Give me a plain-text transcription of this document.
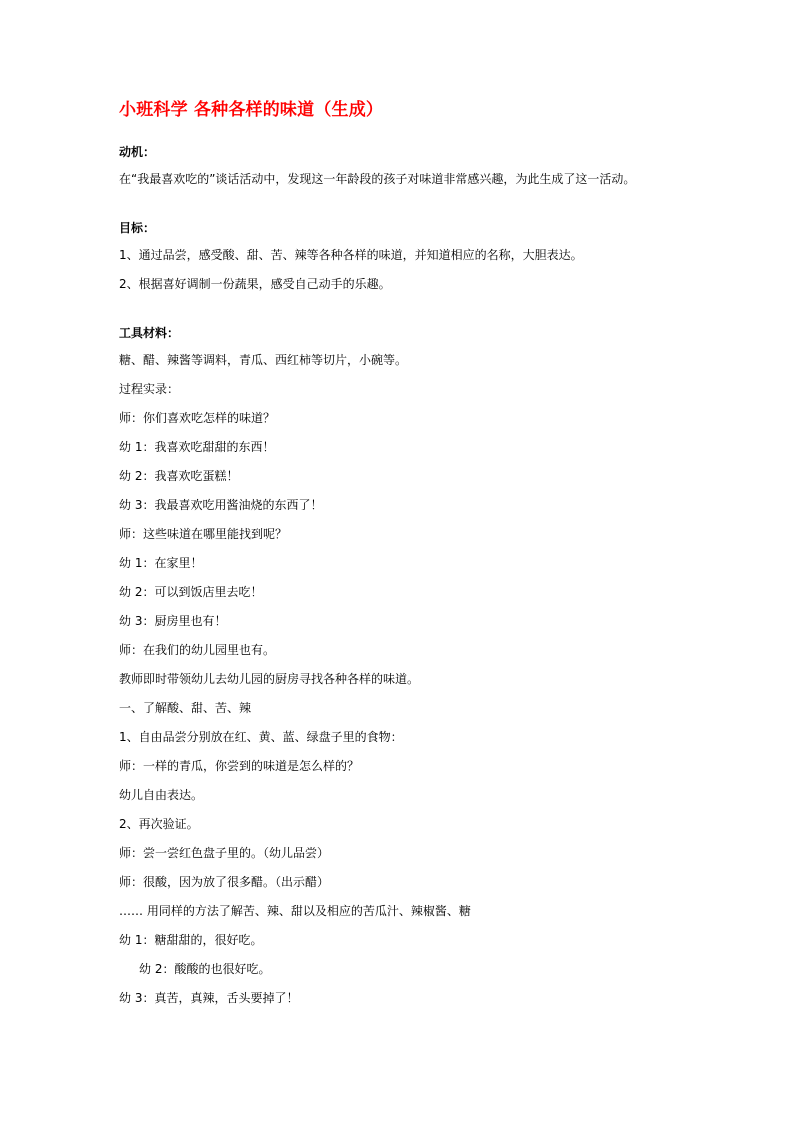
小班科学 各种各样的味道（生成）
动机：
在“我最喜欢吃的”谈话活动中，发现这一年龄段的孩子对味道非常感兴趣，为此生成了这一活动。
目标：
1、通过品尝，感受酸、甜、苦、辣等各种各样的味道，并知道相应的名称，大胆表达。
2、根据喜好调制一份蔬果，感受自己动手的乐趣。
工具材料：
糖、醋、辣酱等调料，青瓜、西红柿等切片，小碗等。
过程实录：
师：你们喜欢吃怎样的味道？
幼 1：我喜欢吃甜甜的东西！
幼 2：我喜欢吃蛋糕！
幼 3：我最喜欢吃用酱油烧的东西了！
师：这些味道在哪里能找到呢？
幼 1：在家里！
幼 2：可以到饭店里去吃！
幼 3：厨房里也有！
师：在我们的幼儿园里也有。
教师即时带领幼儿去幼儿园的厨房寻找各种各样的味道。
一、了解酸、甜、苦、辣
1、自由品尝分别放在红、黄、蓝、绿盘子里的食物：
师：一样的青瓜，你尝到的味道是怎么样的？
幼儿自由表达。
2、再次验证。
师：尝一尝红色盘子里的。（幼儿品尝）
师：很酸，因为放了很多醋。（出示醋）
…… 用同样的方法了解苦、辣、甜以及相应的苦瓜汁、辣椒酱、糖
幼 1：糖甜甜的，很好吃。
幼 2：酸酸的也很好吃。
幼 3：真苦，真辣，舌头要掉了！
